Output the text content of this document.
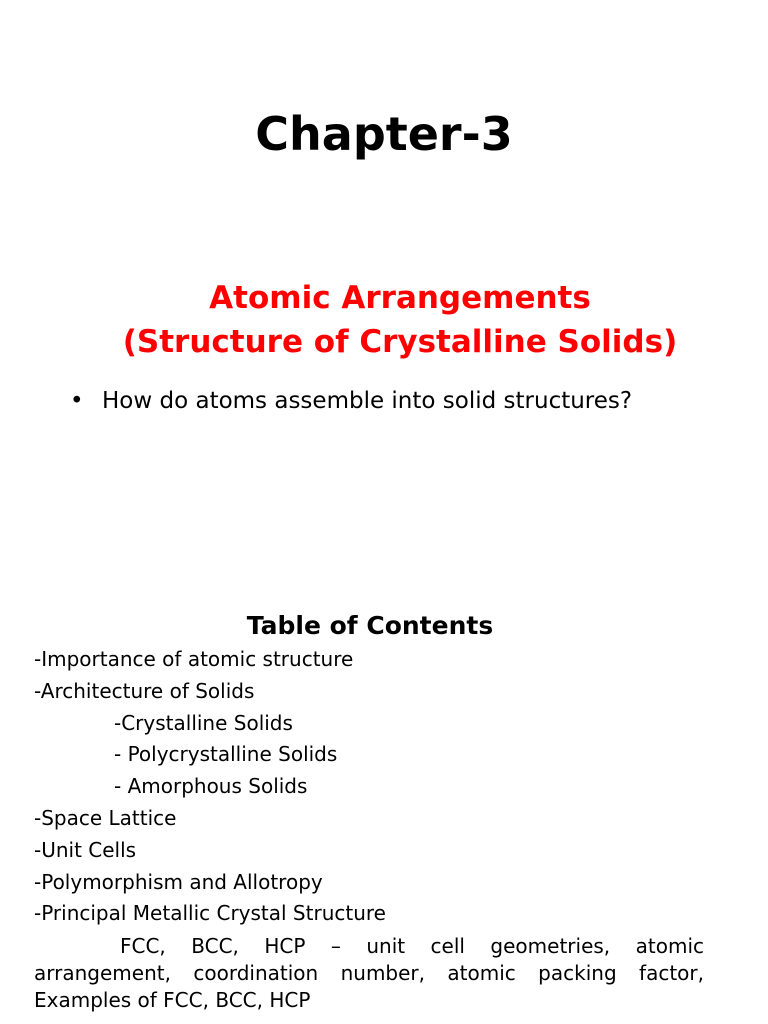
Chapter-3
Atomic Arrangements
(Structure of Crystalline Solids)
• How do atoms assemble into solid structures?
Table of Contents
-Importance of atomic structure
-Architecture of Solids
-Crystalline Solids
- Polycrystalline Solids
- Amorphous Solids
-Space Lattice
-Unit Cells
-Polymorphism and Allotropy
-Principal Metallic Crystal Structure
FCC, BCC, HCP – unit cell geometries, atomic arrangement, coordination number, atomic packing factor, Examples of FCC, BCC, HCP
